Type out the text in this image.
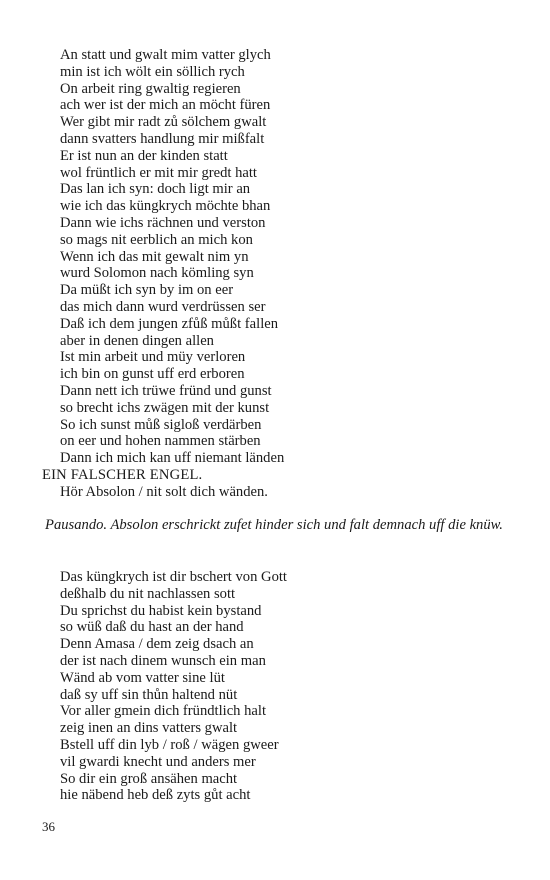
An statt und gwalt mim vatter glych
min ist ich wölt ein söllich rych
On arbeit ring gwaltig regieren
ach wer ist der mich an möcht füren
Wer gibt mir radt zů sölchem gwalt
dann svatters handlung mir mißfalt
Er ist nun an der kinden statt
wol früntlich er mit mir gredt hatt
Das lan ich syn: doch ligt mir an
wie ich das küngkrych möchte bhan
Dann wie ichs rächnen und verston
so mags nit eerblich an mich kon
Wenn ich das mit gewalt nim yn
wurd Solomon nach kömling syn
Da müßt ich syn by im on eer
das mich dann wurd verdrüssen ser
Daß ich dem jungen zfůß můßt fallen
aber in denen dingen allen
Ist min arbeit und müy verloren
ich bin on gunst uff erd erboren
Dann nett ich trüwe fründ und gunst
so brecht ichs zwägen mit der kunst
So ich sunst můß sigloß verdärben
on eer und hohen nammen stärben
Dann ich mich kan uff niemant länden
EIN FALSCHER ENGEL.
Hör Absolon / nit solt dich wänden.
Pausando. Absolon erschrickt zufet hinder sich und falt demnach uff die knüw.
Das küngkrych ist dir bschert von Gott
deßhalb du nit nachlassen sott
Du sprichst du habist kein bystand
so wüß daß du hast an der hand
Denn Amasa / dem zeig dsach an
der ist nach dinem wunsch ein man
Wänd ab vom vatter sine lüt
daß sy uff sin thůn haltend nüt
Vor aller gmein dich fründtlich halt
zeig inen an dins vatters gwalt
Bstell uff din lyb / roß / wägen gweer
vil gwardi knecht und anders mer
So dir ein groß ansähen macht
hie näbend heb deß zyts gůt acht
36
